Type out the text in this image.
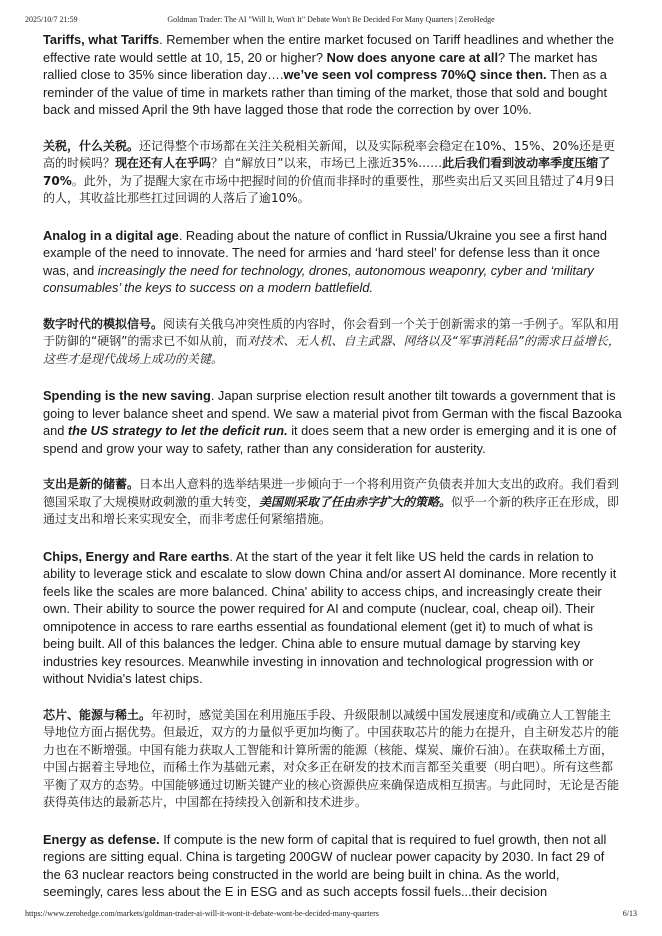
2025/10/7 21:59	Goldman Trader: The AI "Will It, Won't It" Debate Won't Be Decided For Many Quarters | ZeroHedge

Tariffs, what Tariffs. Remember when the entire market focused on Tariff headlines and whether the effective rate would settle at 10, 15, 20 or higher? Now does anyone care at all? The market has rallied close to 35% since liberation day….we’ve seen vol compress 70%Q since then. Then as a reminder of the value of time in markets rather than timing of the market, those that sold and bought back and missed April the 9th have lagged those that rode the correction by over 10%.

关税，什么关税。还记得整个市场都在关注关税相关新闻，以及实际税率会稳定在10%、15%、20%还是更高的时候吗？现在还有人在乎吗？自“解放日”以来，市场已上涨近35%……此后我们看到波动率季度压缩了70%。此外，为了提醒大家在市场中把握时间的价值而非择时的重要性，那些卖出后又买回且错过了4月9日的人，其收益比那些扛过回调的人落后了逾10%。

Analog in a digital age. Reading about the nature of conflict in Russia/Ukraine you see a first hand example of the need to innovate. The need for armies and ‘hard steel’ for defense less than it once was, and increasingly the need for technology, drones, autonomous weaponry, cyber and ‘military consumables’ the keys to success on a modern battlefield.

数字时代的模拟信号。阅读有关俄乌冲突性质的内容时，你会看到一个关于创新需求的第一手例子。军队和用于防御的“硬钢”的需求已不如从前，而对技术、无人机、自主武器、网络以及“军事消耗品”的需求日益增长，这些才是现代战场上成功的关键。

Spending is the new saving. Japan surprise election result another tilt towards a government that is going to lever balance sheet and spend. We saw a material pivot from German with the fiscal Bazooka and the US strategy to let the deficit run. it does seem that a new order is emerging and it is one of spend and grow your way to safety, rather than any consideration for austerity.

支出是新的储蓄。日本出人意料的选举结果进一步倾向于一个将利用资产负债表并加大支出的政府。我们看到德国采取了大规模财政刺激的重大转变，美国则采取了任由赤字扩大的策略。似乎一个新的秩序正在形成，即通过支出和增长来实现安全，而非考虑任何紧缩措施。

Chips, Energy and Rare earths. At the start of the year it felt like US held the cards in relation to ability to leverage stick and escalate to slow down China and/or assert AI dominance. More recently it feels like the scales are more balanced. China' ability to access chips, and increasingly create their own. Their ability to source the power required for AI and compute (nuclear, coal, cheap oil). Their omnipotence in access to rare earths essential as foundational element (get it) to much of what is being built. All of this balances the ledger. China able to ensure mutual damage by starving key industries key resources. Meanwhile investing in innovation and technological progression with or without Nvidia's latest chips.

芯片、能源与稀土。年初时，感觉美国在利用施压手段、升级限制以减缓中国发展速度和/或确立人工智能主导地位方面占据优势。但最近，双方的力量似乎更加均衡了。中国获取芯片的能力在提升，自主研发芯片的能力也在不断增强。中国有能力获取人工智能和计算所需的能源（核能、煤炭、廉价石油）。在获取稀土方面，中国占据着主导地位，而稀土作为基础元素，对众多正在研发的技术而言都至关重要（明白吧）。所有这些都平衡了双方的态势。中国能够通过切断关键产业的核心资源供应来确保造成相互损害。与此同时，无论是否能获得英伟达的最新芯片，中国都在持续投入创新和技术进步。

Energy as defense. If compute is the new form of capital that is required to fuel growth, then not all regions are sitting equal. China is targeting 200GW of nuclear power capacity by 2030. In fact 29 of the 63 nuclear reactors being constructed in the world are being built in china. As the world, seemingly, cares less about the E in ESG and as such accepts fossil fuels...their decision

https://www.zerohedge.com/markets/goldman-trader-ai-will-it-wont-it-debate-wont-be-decided-many-quarters	6/13
